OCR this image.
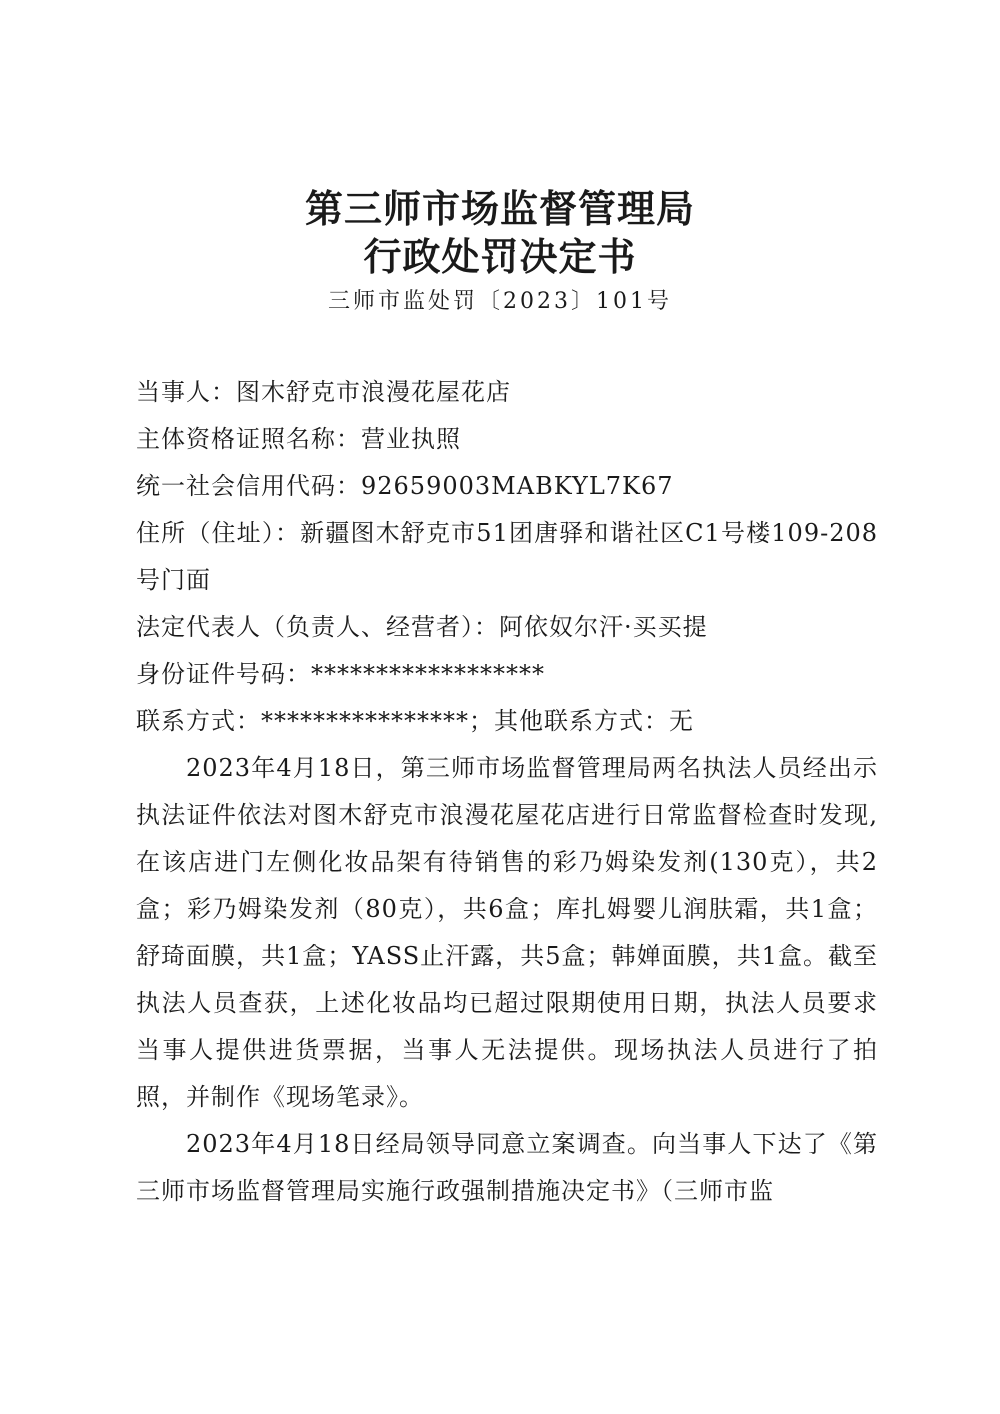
第三师市场监督管理局
行政处罚决定书
三师市监处罚〔2023〕101号

当事人：图木舒克市浪漫花屋花店

主体资格证照名称：营业执照

统一社会信用代码：92659003MABKYL7K67

住所（住址）：新疆图木舒克市51团唐驿和谐社区C1号楼109-208号门面

法定代表人（负责人、经营者）：阿依奴尔汗·买买提

身份证件号码：******************

联系方式：****************；其他联系方式：无

2023年4月18日，第三师市场监督管理局两名执法人员经出示执法证件依法对图木舒克市浪漫花屋花店进行日常监督检查时发现,在该店进门左侧化妆品架有待销售的彩乃姆染发剂(130克），共2盒；彩乃姆染发剂（80克），共6盒；库扎姆婴儿润肤霜，共1盒；舒琦面膜，共1盒；YASS止汗露，共5盒；韩婵面膜，共1盒。截至执法人员查获，上述化妆品均已超过限期使用日期，执法人员要求当事人提供进货票据，当事人无法提供。现场执法人员进行了拍照，并制作《现场笔录》。

2023年4月18日经局领导同意立案调查。向当事人下达了《第三师市场监督管理局实施行政强制措施决定书》（三师市监
